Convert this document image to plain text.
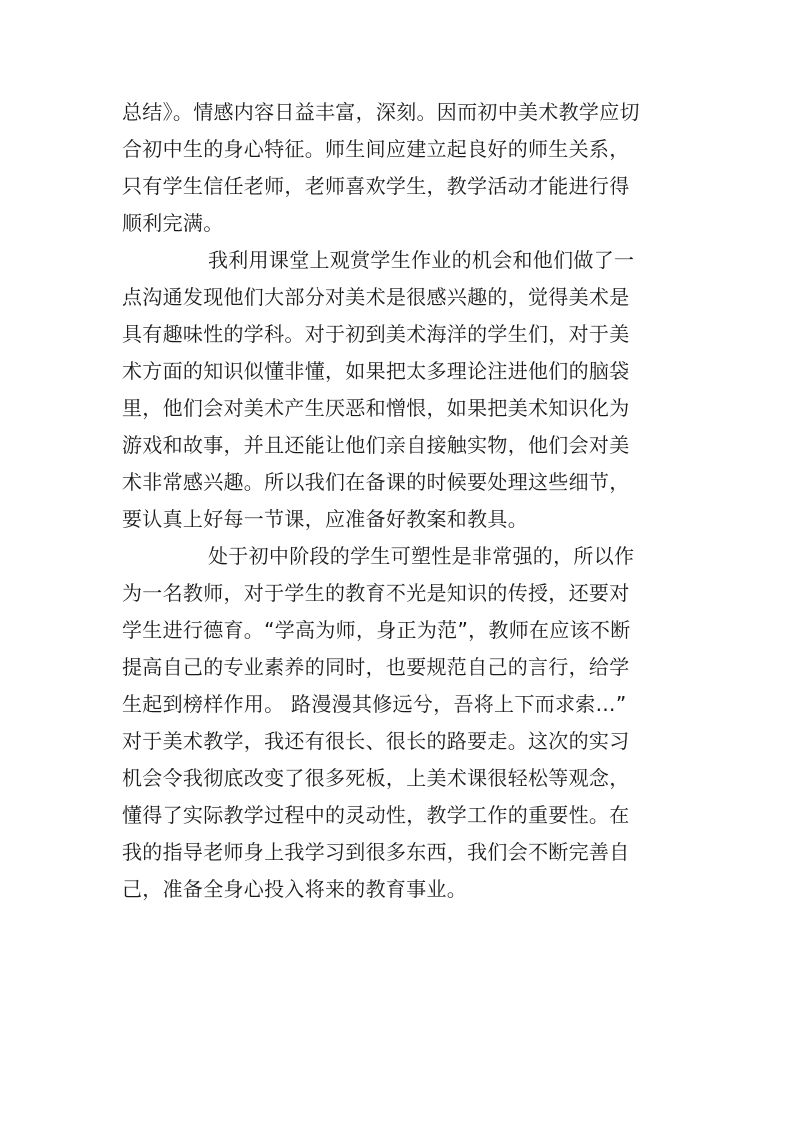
总结》。情感内容日益丰富，深刻。因而初中美术教学应切
合初中生的身心特征。师生间应建立起良好的师生关系，
只有学生信任老师，老师喜欢学生，教学活动才能进行得
顺利完满。
我利用课堂上观赏学生作业的机会和他们做了一
点沟通发现他们大部分对美术是很感兴趣的，觉得美术是
具有趣味性的学科。对于初到美术海洋的学生们，对于美
术方面的知识似懂非懂，如果把太多理论注进他们的脑袋
里，他们会对美术产生厌恶和憎恨，如果把美术知识化为
游戏和故事，并且还能让他们亲自接触实物，他们会对美
术非常感兴趣。所以我们在备课的时候要处理这些细节，
要认真上好每一节课，应准备好教案和教具。
处于初中阶段的学生可塑性是非常强的，所以作
为一名教师，对于学生的教育不光是知识的传授，还要对
学生进行德育。“学高为师，身正为范”，教师在应该不断
提高自己的专业素养的同时，也要规范自己的言行，给学
生起到榜样作用。 路漫漫其修远兮，吾将上下而求索…”
对于美术教学，我还有很长、很长的路要走。这次的实习
机会令我彻底改变了很多死板，上美术课很轻松等观念，
懂得了实际教学过程中的灵动性，教学工作的重要性。在
我的指导老师身上我学习到很多东西，我们会不断完善自
己，准备全身心投入将来的教育事业。
